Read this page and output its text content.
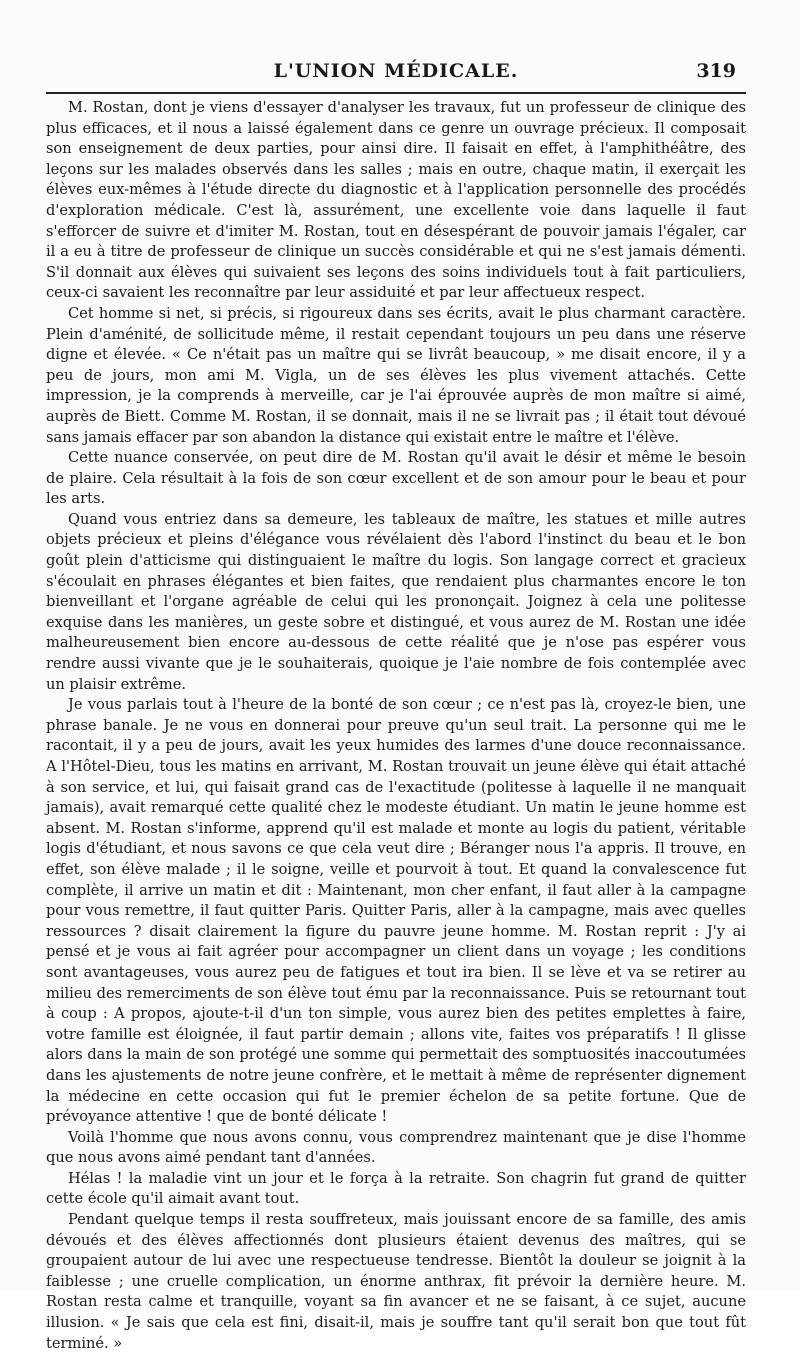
L'UNION MÉDICALE.	319

M. Rostan, dont je viens d'essayer d'analyser les travaux, fut un professeur de clinique des plus efficaces, et il nous a laissé également dans ce genre un ouvrage précieux. Il composait son enseignement de deux parties, pour ainsi dire. Il faisait en effet, à l'amphithéâtre, des leçons sur les malades observés dans les salles ; mais en outre, chaque matin, il exerçait les élèves eux-mêmes à l'étude directe du diagnostic et à l'application personnelle des procédés d'exploration médicale. C'est là, assurément, une excellente voie dans laquelle il faut s'efforcer de suivre et d'imiter M. Rostan, tout en désespérant de pouvoir jamais l'égaler, car il a eu à titre de professeur de clinique un succès considérable et qui ne s'est jamais démenti. S'il donnait aux élèves qui suivaient ses leçons des soins individuels tout à fait particuliers, ceux-ci savaient les reconnaître par leur assiduité et par leur affectueux respect.

Cet homme si net, si précis, si rigoureux dans ses écrits, avait le plus charmant caractère. Plein d'aménité, de sollicitude même, il restait cependant toujours un peu dans une réserve digne et élevée. « Ce n'était pas un maître qui se livrât beaucoup, » me disait encore, il y a peu de jours, mon ami M. Vigla, un de ses élèves les plus vivement attachés. Cette impression, je la comprends à merveille, car je l'ai éprouvée auprès de mon maître si aimé, auprès de Biett. Comme M. Rostan, il se donnait, mais il ne se livrait pas ; il était tout dévoué sans jamais effacer par son abandon la distance qui existait entre le maître et l'élève.

Cette nuance conservée, on peut dire de M. Rostan qu'il avait le désir et même le besoin de plaire. Cela résultait à la fois de son cœur excellent et de son amour pour le beau et pour les arts.

Quand vous entriez dans sa demeure, les tableaux de maître, les statues et mille autres objets précieux et pleins d'élégance vous révélaient dès l'abord l'instinct du beau et le bon goût plein d'atticisme qui distinguaient le maître du logis. Son langage correct et gracieux s'écoulait en phrases élégantes et bien faites, que rendaient plus charmantes encore le ton bienveillant et l'organe agréable de celui qui les prononçait. Joignez à cela une politesse exquise dans les manières, un geste sobre et distingué, et vous aurez de M. Rostan une idée malheureusement bien encore au-dessous de cette réalité que je n'ose pas espérer vous rendre aussi vivante que je le souhaiterais, quoique je l'aie nombre de fois contemplée avec un plaisir extrême.

Je vous parlais tout à l'heure de la bonté de son cœur ; ce n'est pas là, croyez-le bien, une phrase banale. Je ne vous en donnerai pour preuve qu'un seul trait. La personne qui me le racontait, il y a peu de jours, avait les yeux humides des larmes d'une douce reconnaissance. A l'Hôtel-Dieu, tous les matins en arrivant, M. Rostan trouvait un jeune élève qui était attaché à son service, et lui, qui faisait grand cas de l'exactitude (politesse à laquelle il ne manquait jamais), avait remarqué cette qualité chez le modeste étudiant. Un matin le jeune homme est absent. M. Rostan s'informe, apprend qu'il est malade et monte au logis du patient, véritable logis d'étudiant, et nous savons ce que cela veut dire ; Béranger nous l'a appris. Il trouve, en effet, son élève malade ; il le soigne, veille et pourvoit à tout. Et quand la convalescence fut complète, il arrive un matin et dit : Maintenant, mon cher enfant, il faut aller à la campagne pour vous remettre, il faut quitter Paris. Quitter Paris, aller à la campagne, mais avec quelles ressources ? disait clairement la figure du pauvre jeune homme. M. Rostan reprit : J'y ai pensé et je vous ai fait agréer pour accompagner un client dans un voyage ; les conditions sont avantageuses, vous aurez peu de fatigues et tout ira bien. Il se lève et va se retirer au milieu des remerciments de son élève tout ému par la reconnaissance. Puis se retournant tout à coup : A propos, ajoute-t-il d'un ton simple, vous aurez bien des petites emplettes à faire, votre famille est éloignée, il faut partir demain ; allons vite, faites vos préparatifs ! Il glisse alors dans la main de son protégé une somme qui permettait des somptuosités inaccoutumées dans les ajustements de notre jeune confrère, et le mettait à même de représenter dignement la médecine en cette occasion qui fut le premier échelon de sa petite fortune. Que de prévoyance attentive ! que de bonté délicate !

Voilà l'homme que nous avons connu, vous comprendrez maintenant que je dise l'homme que nous avons aimé pendant tant d'années.

Hélas ! la maladie vint un jour et le força à la retraite. Son chagrin fut grand de quitter cette école qu'il aimait avant tout.

Pendant quelque temps il resta souffreteux, mais jouissant encore de sa famille, des amis dévoués et des élèves affectionnés dont plusieurs étaient devenus des maîtres, qui se groupaient autour de lui avec une respectueuse tendresse. Bientôt la douleur se joignit à la faiblesse ; une cruelle complication, un énorme anthrax, fit prévoir la dernière heure. M. Rostan resta calme et tranquille, voyant sa fin avancer et ne se faisant, à ce sujet, aucune illusion. « Je sais que cela est fini, disait-il, mais je souffre tant qu'il serait bon que tout fût terminé. »
